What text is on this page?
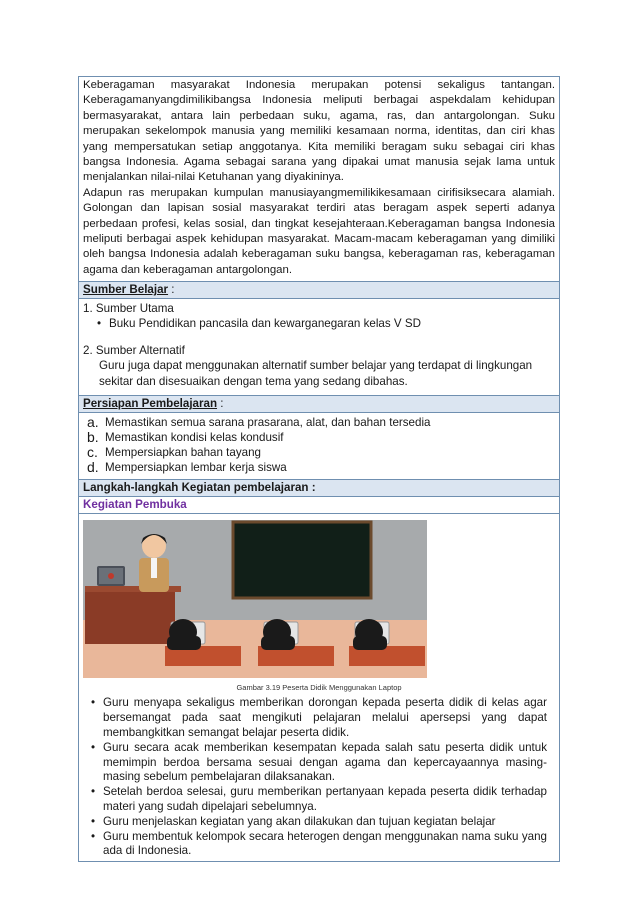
Keberagaman masyarakat Indonesia merupakan potensi sekaligus tantangan. Keberagamanyangdimilikibangsa Indonesia meliputi berbagai aspekdalam kehidupan bermasyarakat, antara lain perbedaan suku, agama, ras, dan antargolongan. Suku merupakan sekelompok manusia yang memiliki kesamaan norma, identitas, dan ciri khas yang mempersatukan setiap anggotanya. Kita memiliki beragam suku sebagai ciri khas bangsa Indonesia. Agama sebagai sarana yang dipakai umat manusia sejak lama untuk menjalankan nilai-nilai Ketuhanan yang diyakininya.

Adapun ras merupakan kumpulan manusiayangmemilikikesamaan cirifisiksecara alamiah. Golongan dan lapisan sosial masyarakat terdiri atas beragam aspek seperti adanya perbedaan profesi, kelas sosial, dan tingkat kesejahteraan.Keberagaman bangsa Indonesia meliputi berbagai aspek kehidupan masyarakat. Macam-macam keberagaman yang dimiliki oleh bangsa Indonesia adalah keberagaman suku bangsa, keberagaman ras, keberagaman agama dan keberagaman antargolongan.

Sumber Belajar :
1. Sumber Utama
• Buku Pendidikan pancasila dan kewarganegaran kelas V SD
2. Sumber Alternatif
Guru juga dapat menggunakan alternatif sumber belajar yang terdapat di lingkungan sekitar dan disesuaikan dengan tema yang sedang dibahas.
Persiapan Pembelajaran :
a. Memastikan semua sarana prasarana, alat, dan bahan tersedia
b. Memastikan kondisi kelas kondusif
c. Mempersiapkan bahan tayang
d. Mempersiapkan lembar kerja siswa
Langkah-langkah Kegiatan pembelajaran :
Kegiatan Pembuka

Gambar 3.19 Peserta Didik Menggunakan Laptop

• Guru menyapa sekaligus memberikan dorongan kepada peserta didik di kelas agar bersemangat pada saat mengikuti pelajaran melalui apersepsi yang dapat membangkitkan semangat belajar peserta didik.
• Guru secara acak memberikan kesempatan kepada salah satu peserta didik untuk memimpin berdoa bersama sesuai dengan agama dan kepercayaannya masing-masing sebelum pembelajaran dilaksanakan.
• Setelah berdoa selesai, guru memberikan pertanyaan kepada peserta didik terhadap materi yang sudah dipelajari sebelumnya.
• Guru menjelaskan kegiatan yang akan dilakukan dan tujuan kegiatan belajar
• Guru membentuk kelompok secara heterogen dengan menggunakan nama suku yang ada di Indonesia.
